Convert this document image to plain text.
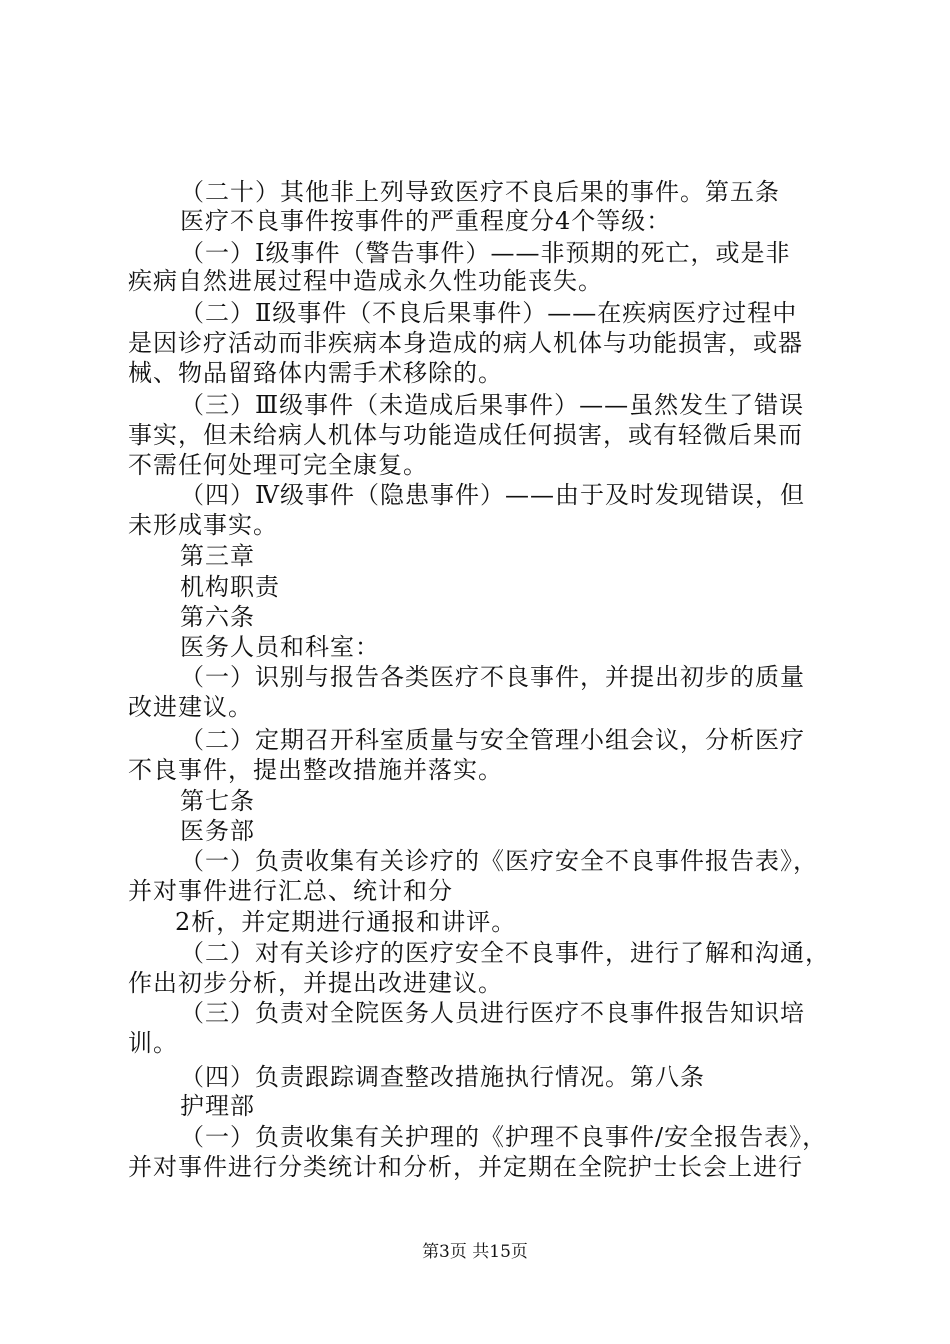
（二十）其他非上列导致医疗不良后果的事件。第五条
医疗不良事件按事件的严重程度分4个等级：
（一）Ⅰ级事件（警告事件）——非预期的死亡，或是非
疾病自然进展过程中造成永久性功能丧失。
（二）Ⅱ级事件（不良后果事件）——在疾病医疗过程中
是因诊疗活动而非疾病本身造成的病人机体与功能损害，或器
械、物品留臵体内需手术移除的。
（三）Ⅲ级事件（未造成后果事件）——虽然发生了错误
事实，但未给病人机体与功能造成任何损害，或有轻微后果而
不需任何处理可完全康复。
（四）Ⅳ级事件（隐患事件）——由于及时发现错误，但
未形成事实。
第三章
机构职责
第六条
医务人员和科室：
（一）识别与报告各类医疗不良事件，并提出初步的质量
改进建议。
（二）定期召开科室质量与安全管理小组会议，分析医疗
不良事件，提出整改措施并落实。
第七条
医务部
（一）负责收集有关诊疗的《医疗安全不良事件报告表》，
并对事件进行汇总、统计和分
2析，并定期进行通报和讲评。
（二）对有关诊疗的医疗安全不良事件，进行了解和沟通，
作出初步分析，并提出改进建议。
（三）负责对全院医务人员进行医疗不良事件报告知识培
训。
（四）负责跟踪调查整改措施执行情况。第八条
护理部
（一）负责收集有关护理的《护理不良事件/安全报告表》，
并对事件进行分类统计和分析，并定期在全院护士长会上进行
第3页 共15页
